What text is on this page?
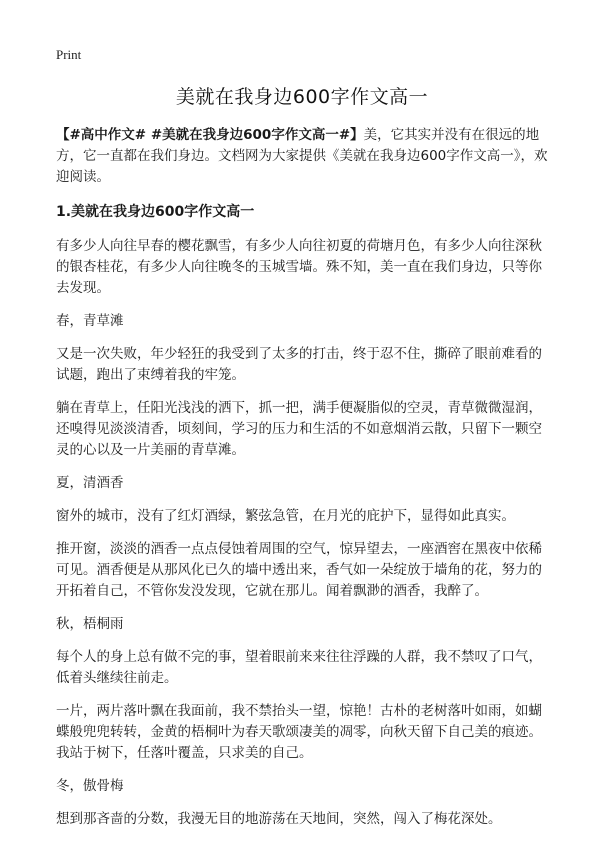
Print
美就在我身边600字作文高一

【#高中作文# #美就在我身边600字作文高一#】美，它其实并没有在很远的地方，它一直都在我们身边。文档网为大家提供《美就在我身边600字作文高一》，欢迎阅读。

1.美就在我身边600字作文高一

有多少人向往早春的樱花飘雪，有多少人向往初夏的荷塘月色，有多少人向往深秋的银杏桂花，有多少人向往晚冬的玉城雪墙。殊不知，美一直在我们身边，只等你去发现。

春，青草滩

又是一次失败，年少轻狂的我受到了太多的打击，终于忍不住，撕碎了眼前难看的试题，跑出了束缚着我的牢笼。

躺在青草上，任阳光浅浅的洒下，抓一把，满手便凝脂似的空灵，青草微微湿润，还嗅得见淡淡清香，顷刻间，学习的压力和生活的不如意烟消云散，只留下一颗空灵的心以及一片美丽的青草滩。

夏，清酒香

窗外的城市，没有了红灯酒绿，繁弦急管，在月光的庇护下，显得如此真实。

推开窗，淡淡的酒香一点点侵蚀着周围的空气，惊异望去，一座酒窖在黑夜中依稀可见。酒香便是从那风化已久的墙中透出来，香气如一朵绽放于墙角的花，努力的开拓着自己，不管你发没发现，它就在那儿。闻着飘渺的酒香，我醉了。

秋，梧桐雨

每个人的身上总有做不完的事，望着眼前来来往往浮躁的人群，我不禁叹了口气，低着头继续往前走。

一片，两片落叶飘在我面前，我不禁抬头一望，惊艳！古朴的老树落叶如雨，如蝴蝶般兜兜转转，金黄的梧桐叶为春天歌颂凄美的凋零，向秋天留下自己美的痕迹。我站于树下，任落叶覆盖，只求美的自己。

冬，傲骨梅

想到那吝啬的分数，我漫无目的地游荡在天地间，突然，闯入了梅花深处。
